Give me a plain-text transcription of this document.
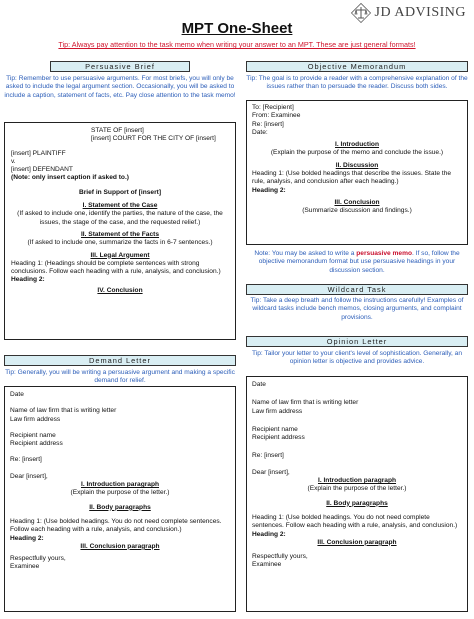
JD ADVISING
MPT One-Sheet
Tip: Always pay attention to the task memo when writing your answer to an MPT. These are just general formats!
Persuasive Brief
Tip: Remember to use persuasive arguments. For most briefs, you will only be asked to include the legal argument section. Occasionally, you will be asked to include a caption, statement of facts, etc. Pay close attention to the task memo!
STATE OF [insert]
[insert] COURT FOR THE CITY OF [insert]
[insert] PLAINTIFF
v.
[insert] DEFENDANT
(Note: only insert caption if asked to.)
Brief in Support of [insert]
I. Statement of the Case
(If asked to include one, identify the parties, the nature of the case, the issues, the stage of the case, and the requested relief.)
II. Statement of the Facts
(If asked to include one, summarize the facts in 6-7 sentences.)
III. Legal Argument
Heading 1: (Headings should be complete sentences with strong conclusions. Follow each heading with a rule, analysis, and conclusion.)
Heading 2:
IV. Conclusion
Objective Memorandum
Tip: The goal is to provide a reader with a comprehensive explanation of the issues rather than to persuade the reader. Discuss both sides.
To: [Recipient]
From: Examinee
Re: [insert]
Date:
I. Introduction
(Explain the purpose of the memo and conclude the issue.)
II. Discussion
Heading 1: (Use bolded headings that describe the issues. State the rule, analysis, and conclusion after each heading.)
Heading 2:
III. Conclusion
(Summarize discussion and findings.)
Note: You may be asked to write a persuasive memo. If so, follow the objective memorandum format but use persuasive headings in your discussion section.
Wildcard Task
Tip: Take a deep breath and follow the instructions carefully! Examples of wildcard tasks include bench memos, closing arguments, and complaint provisions.
Demand Letter
Tip: Generally, you will be writing a persuasive argument and making a specific demand for relief.
Date
Name of law firm that is writing letter
Law firm address
Recipient name
Recipient address
Re: [insert]
Dear [insert],
I. Introduction paragraph
(Explain the purpose of the letter.)
II. Body paragraphs
Heading 1: (Use bolded headings. You do not need complete sentences. Follow each heading with a rule, analysis, and conclusion.)
Heading 2:
III. Conclusion paragraph
Respectfully yours,
Examinee
Opinion Letter
Tip: Tailor your letter to your client's level of sophistication. Generally, an opinion letter is objective and provides advice.
Date
Name of law firm that is writing letter
Law firm address
Recipient name
Recipient address
Re: [insert]
Dear [insert],
I. Introduction paragraph
(Explain the purpose of the letter.)
II. Body paragraphs
Heading 1: (Use bolded headings. You do not need complete sentences. Follow each heading with a rule, analysis, and conclusion.)
Heading 2:
III. Conclusion paragraph
Respectfully yours,
Examinee
